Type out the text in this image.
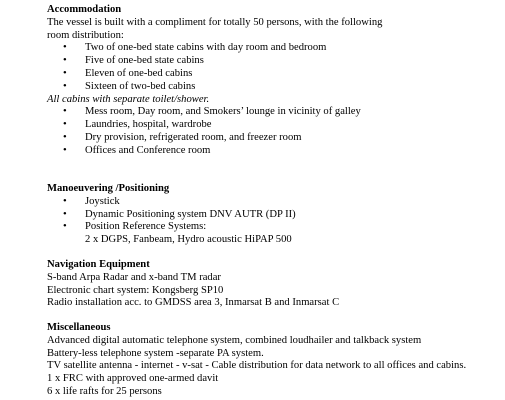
Accommodation
The vessel is built with a compliment for totally 50 persons, with the following
room distribution:
• Two of one-bed state cabins with day room and bedroom
• Five of one-bed state cabins
• Eleven of one-bed cabins
• Sixteen of two-bed cabins
All cabins with separate toilet/shower.
• Mess room, Day room, and Smokers’ lounge in vicinity of galley
• Laundries, hospital, wardrobe
• Dry provision, refrigerated room, and freezer room
• Offices and Conference room
Manoeuvering /Positioning
• Joystick
• Dynamic Positioning system DNV AUTR (DP II)
• Position Reference Systems:
2 x DGPS, Fanbeam, Hydro acoustic HiPAP 500
Navigation Equipment
S-band Arpa Radar and x-band TM radar
Electronic chart system: Kongsberg SP10
Radio installation acc. to GMDSS area 3, Inmarsat B and Inmarsat C
Miscellaneous
Advanced digital automatic telephone system, combined loudhailer and talkback system
Battery-less telephone system -separate PA system.
TV satellite antenna - internet - v-sat - Cable distribution for data network to all offices and cabins.
1 x FRC with approved one-armed davit
6 x life rafts for 25 persons
